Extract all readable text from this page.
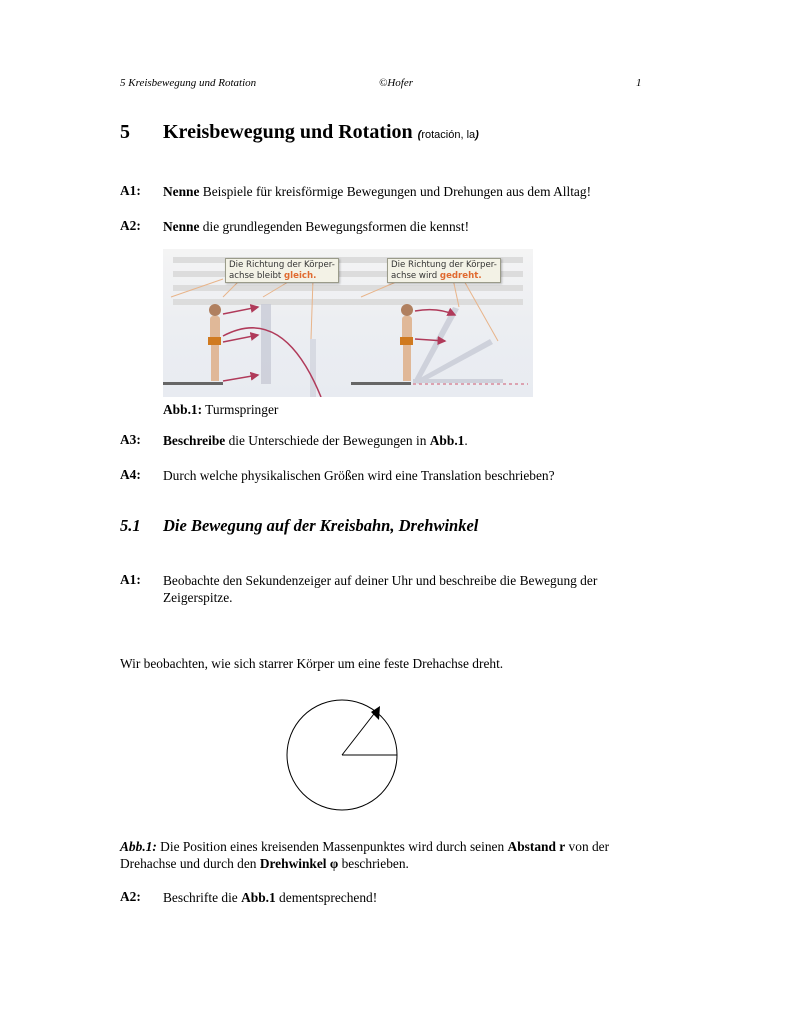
5 Kreisbewegung und Rotation	©Hofer	1
5 Kreisbewegung und Rotation (rotación, la)
A1: Nenne Beispiele für kreisförmige Bewegungen und Drehungen aus dem Alltag!
A2: Nenne die grundlegenden Bewegungsformen die kennst!
Die Richtung der Körper-
achse bleibt gleich.
Die Richtung der Körper-
achse wird gedreht.
Abb.1: Turmspringer
A3: Beschreibe die Unterschiede der Bewegungen in Abb.1.
A4: Durch welche physikalischen Größen wird eine Translation beschrieben?
5.1 Die Bewegung auf der Kreisbahn, Drehwinkel
A1: Beobachte den Sekundenzeiger auf deiner Uhr und beschreibe die Bewegung der
Zeigerspitze.
Wir beobachten, wie sich starrer Körper um eine feste Drehachse dreht.
Abb.1: Die Position eines kreisenden Massenpunktes wird durch seinen Abstand r von der
Drehachse und durch den Drehwinkel φ beschrieben.
A2: Beschrifte die Abb.1 dementsprechend!
